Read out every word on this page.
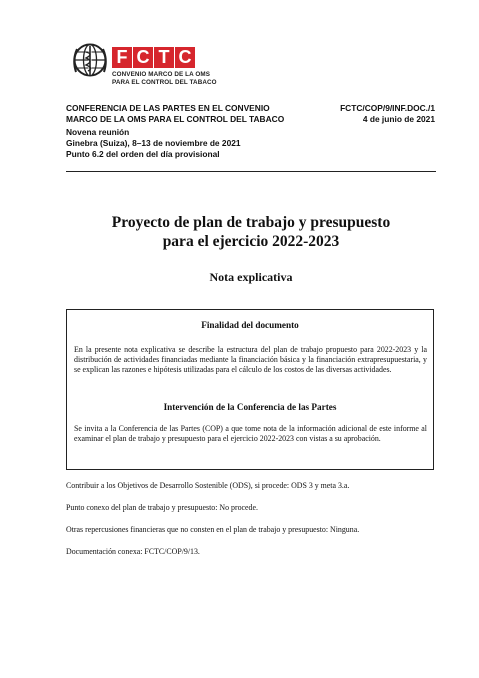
F C T C
CONVENIO MARCO DE LA OMS
PARA EL CONTROL DEL TABACO
CONFERENCIA DE LAS PARTES EN EL CONVENIO
MARCO DE LA OMS PARA EL CONTROL DEL TABACO
Novena reunión
Ginebra (Suiza), 8–13 de noviembre de 2021
Punto 6.2 del orden del día provisional
FCTC/COP/9/INF.DOC./1
4 de junio de 2021
Proyecto de plan de trabajo y presupuesto
para el ejercicio 2022-2023
Nota explicativa
Finalidad del documento
En la presente nota explicativa se describe la estructura del plan de trabajo propuesto para 2022-2023 y la distribución de actividades financiadas mediante la financiación básica y la financiación extrapresupuestaria, y se explican las razones e hipótesis utilizadas para el cálculo de los costos de las diversas actividades.
Intervención de la Conferencia de las Partes
Se invita a la Conferencia de las Partes (COP) a que tome nota de la información adicional de este informe al examinar el plan de trabajo y presupuesto para el ejercicio 2022-2023 con vistas a su aprobación.
Contribuir a los Objetivos de Desarrollo Sostenible (ODS), si procede: ODS 3 y meta 3.a.
Punto conexo del plan de trabajo y presupuesto: No procede.
Otras repercusiones financieras que no consten en el plan de trabajo y presupuesto: Ninguna.
Documentación conexa: FCTC/COP/9/13.
